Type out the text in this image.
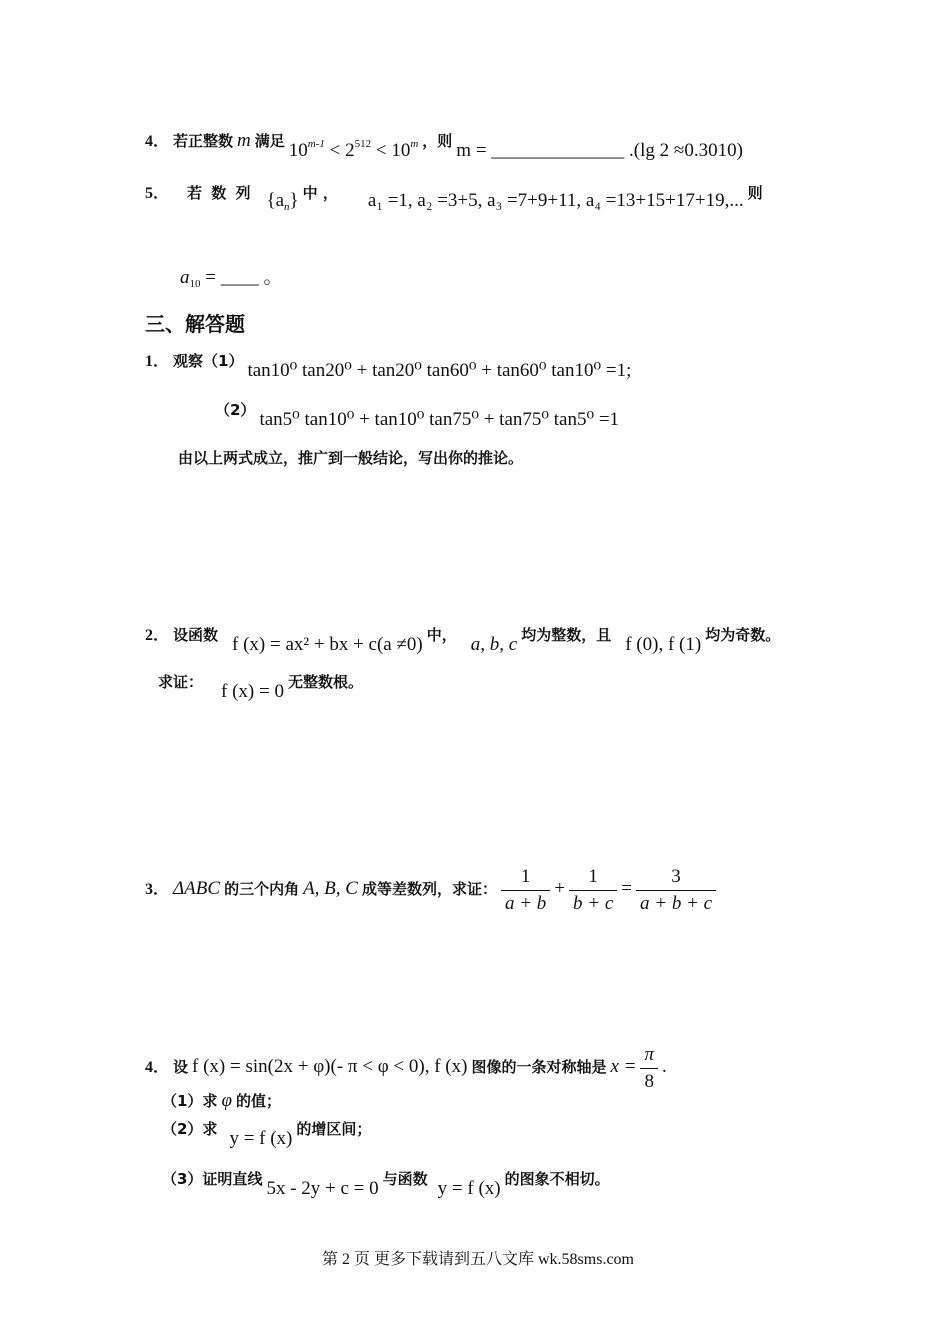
4． 若正整数 m 满足 $10^{m-1} < 2^{512} < 10^m$ ，则 m = ______________ .(lg 2 ≈0.3010)
5． 若 数 列 $\{a_n\}$ 中 ， a₁ =1, a₂ =3+5, a₃ =7+9+11, a₄ =13+15+17+19,... 则
$a_{10}$ = ____ 。
三、解答题
1． 观察（1） tan10⁰ tan20⁰ + tan20⁰ tan60⁰ + tan60⁰ tan10⁰ =1;
（2） tan5⁰ tan10⁰ + tan10⁰ tan75⁰ + tan75⁰ tan5⁰ =1
由以上两式成立，推广到一般结论，写出你的推论。
2． 设函数 f (x) = ax² + bx + c(a ≠0) 中， a, b, c 均为整数，且 f (0), f (1) 均为奇数。
求证： f (x) = 0 无整数根。
3． ΔABC 的三个内角 A, B, C 成等差数列，求证： $\frac{1}{a + b} + \frac{1}{b + c} = \frac{3}{a + b + c}$
4． 设 f (x) = sin(2x + φ)(- π < φ < 0), f (x) 图像的一条对称轴是 $x = \frac{\pi}{8}$ .
（1）求 φ 的值；
（2）求 y = f (x) 的增区间；
（3）证明直线 5x - 2y + c = 0 与函数 y = f (x) 的图象不相切。
第 2 页 更多下载请到五八文库 wk.58sms.com
